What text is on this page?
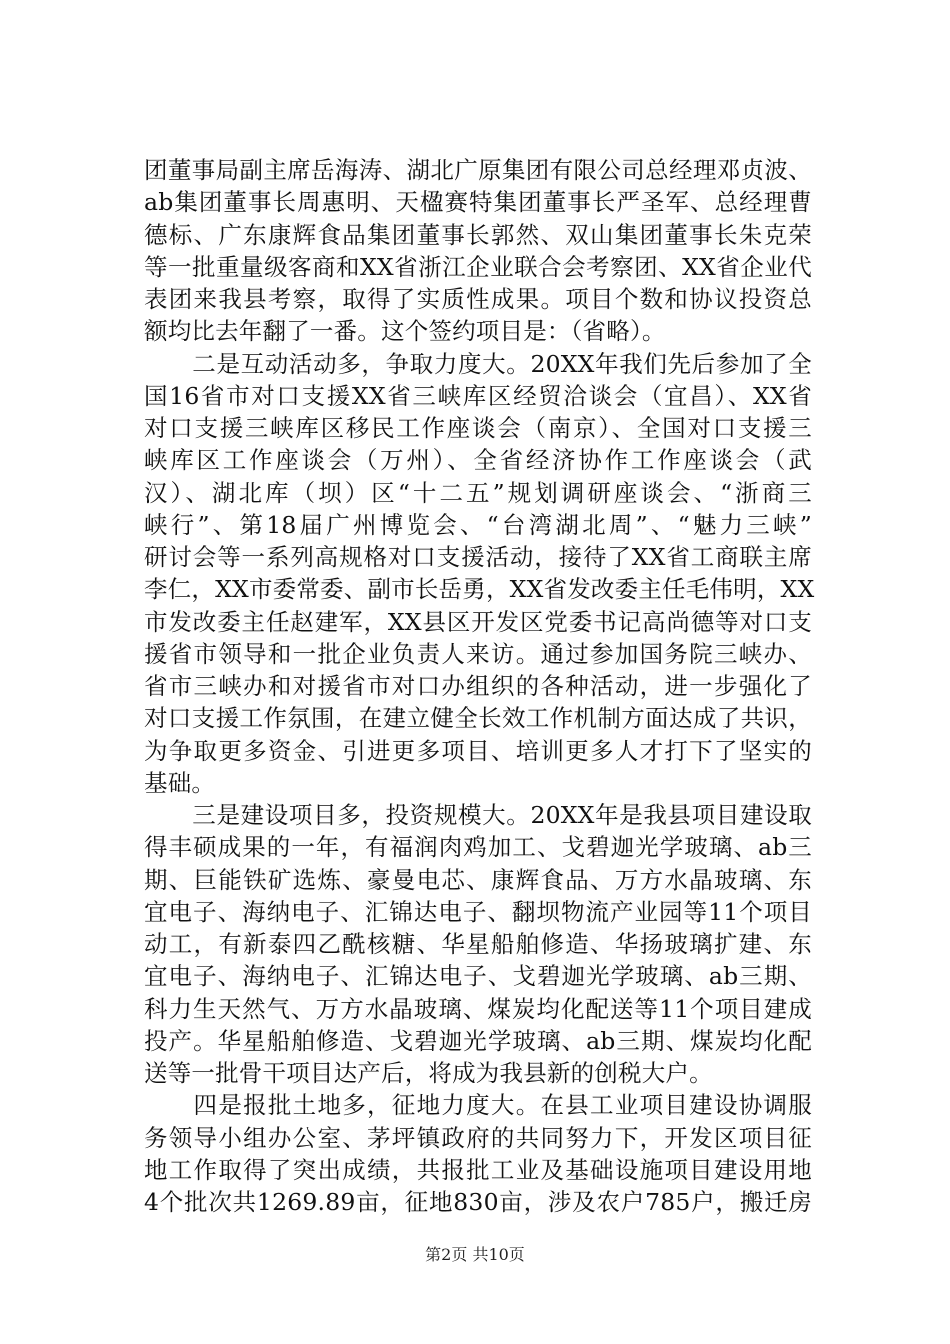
团董事局副主席岳海涛、湖北广原集团有限公司总经理邓贞波、
ab集团董事长周惠明、天楹赛特集团董事长严圣军、总经理曹
德标、广东康辉食品集团董事长郭然、双山集团董事长朱克荣
等一批重量级客商和XX省浙江企业联合会考察团、XX省企业代
表团来我县考察，取得了实质性成果。项目个数和协议投资总
额均比去年翻了一番。这个签约项目是：（省略）。
　　二是互动活动多，争取力度大。20XX年我们先后参加了全
国16省市对口支援XX省三峡库区经贸洽谈会（宜昌）、XX省
对口支援三峡库区移民工作座谈会（南京）、全国对口支援三
峡库区工作座谈会（万州）、全省经济协作工作座谈会（武
汉）、湖北库（坝）区“十二五”规划调研座谈会、“浙商三
峡行”、第18届广州博览会、“台湾湖北周”、“魅力三峡”
研讨会等一系列高规格对口支援活动，接待了XX省工商联主席
李仁，XX市委常委、副市长岳勇，XX省发改委主任毛伟明，XX
市发改委主任赵建军，XX县区开发区党委书记高尚德等对口支
援省市领导和一批企业负责人来访。通过参加国务院三峡办、
省市三峡办和对援省市对口办组织的各种活动，进一步强化了
对口支援工作氛围，在建立健全长效工作机制方面达成了共识，
为争取更多资金、引进更多项目、培训更多人才打下了坚实的
基础。
　　三是建设项目多，投资规模大。20XX年是我县项目建设取
得丰硕成果的一年，有福润肉鸡加工、戈碧迦光学玻璃、ab三
期、巨能铁矿选炼、豪曼电芯、康辉食品、万方水晶玻璃、东
宜电子、海纳电子、汇锦达电子、翻坝物流产业园等11个项目
动工，有新泰四乙酰核糖、华星船舶修造、华扬玻璃扩建、东
宜电子、海纳电子、汇锦达电子、戈碧迦光学玻璃、ab三期、
科力生天然气、万方水晶玻璃、煤炭均化配送等11个项目建成
投产。华星船舶修造、戈碧迦光学玻璃、ab三期、煤炭均化配
送等一批骨干项目达产后，将成为我县新的创税大户。
　　四是报批土地多，征地力度大。在县工业项目建设协调服
务领导小组办公室、茅坪镇政府的共同努力下，开发区项目征
地工作取得了突出成绩，共报批工业及基础设施项目建设用地
4个批次共1269.89亩，征地830亩，涉及农户785户，搬迁房
第2页 共10页
